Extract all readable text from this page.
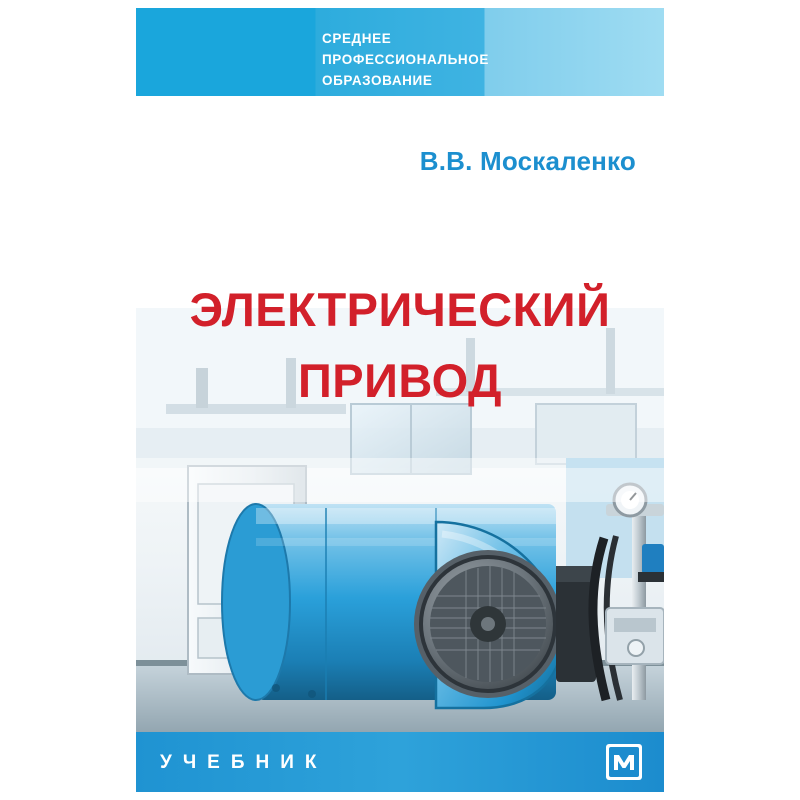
СРЕДНЕЕ
ПРОФЕССИОНАЛЬНОЕ
ОБРАЗОВАНИЕ
В.В. Москаленко
ЭЛЕКТРИЧЕСКИЙ
ПРИВОД
УЧЕБНИК
